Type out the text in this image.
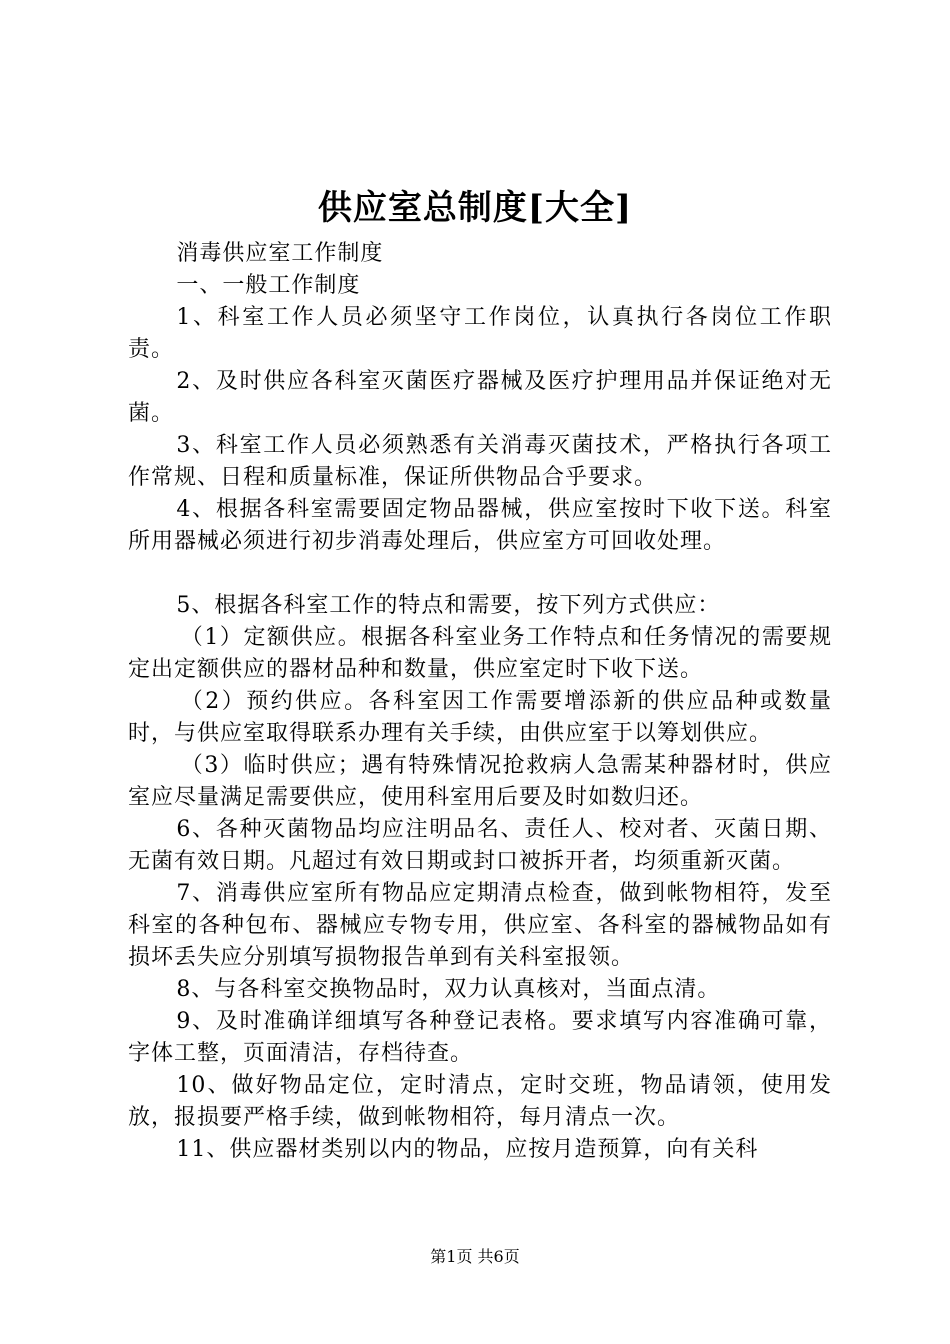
供应室总制度[大全]

消毒供应室工作制度

一、一般工作制度

1、科室工作人员必须坚守工作岗位，认真执行各岗位工作职责。

2、及时供应各科室灭菌医疗器械及医疗护理用品并保证绝对无菌。

3、科室工作人员必须熟悉有关消毒灭菌技术，严格执行各项工作常规、日程和质量标准，保证所供物品合乎要求。

4、根据各科室需要固定物品器械，供应室按时下收下送。科室所用器械必须进行初步消毒处理后，供应室方可回收处理。

5、根据各科室工作的特点和需要，按下列方式供应：

（1）定额供应。根据各科室业务工作特点和任务情况的需要规定出定额供应的器材品种和数量，供应室定时下收下送。

（2）预约供应。各科室因工作需要增添新的供应品种或数量时，与供应室取得联系办理有关手续，由供应室于以筹划供应。

（3）临时供应；遇有特殊情况抢救病人急需某种器材时，供应室应尽量满足需要供应，使用科室用后要及时如数归还。

6、各种灭菌物品均应注明品名、责任人、校对者、灭菌日期、无菌有效日期。凡超过有效日期或封口被拆开者，均须重新灭菌。

7、消毒供应室所有物品应定期清点检查，做到帐物相符，发至科室的各种包布、器械应专物专用，供应室、各科室的器械物品如有损坏丢失应分别填写损物报告单到有关科室报领。

8、与各科室交换物品时，双力认真核对，当面点清。

9、及时准确详细填写各种登记表格。要求填写内容准确可靠，字体工整，页面清洁，存档待查。

10、做好物品定位，定时清点，定时交班，物品请领，使用发放，报损要严格手续，做到帐物相符，每月清点一次。

11、供应器材类别以内的物品，应按月造预算，向有关科

第1页 共6页
